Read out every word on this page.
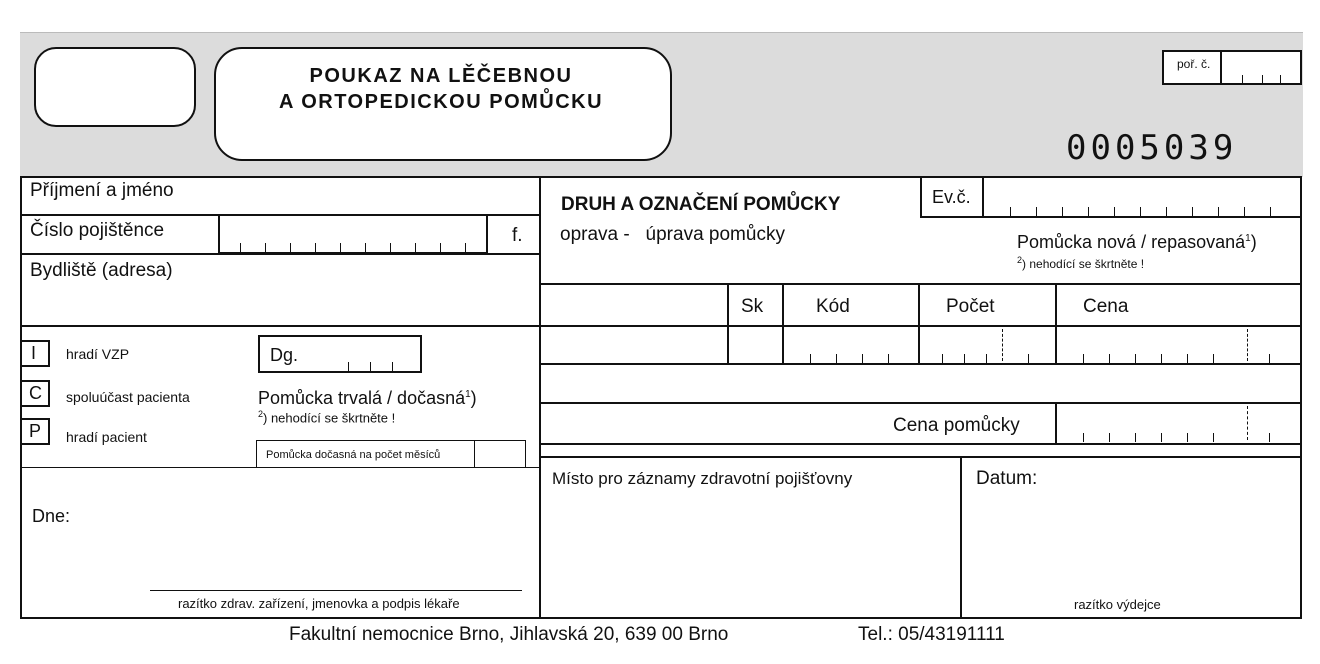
POUKAZ NA LĚČEBNOU
A ORTOPEDICKOU POMŮCKU
poř. č.
0005039
Příjmení a jméno
Číslo pojištěnce	f.
Bydliště (adresa)
I hradí VZP
C spoluúčast pacienta
P hradí pacient
Dg.
Pomůcka trvalá / dočasná$^1$)
$^2$) nehodící se škrtněte !
Pomůcka dočasná na počet měsíců
Dne:
razítko zdrav. zařízení, jmenovka a podpis lékaře
DRUH A OZNAČENÍ POMŮCKY	Ev.č.
oprava -   úprava pomůcky	Pomůcka nová / repasovaná$^1$)
$^2$) nehodící se škrtněte !
Sk	Kód	Počet	Cena
Cena pomůcky
Místo pro záznamy zdravotní pojišťovny	Datum:
razítko výdejce
Fakultní nemocnice Brno, Jihlavská 20, 639 00 Brno	Tel.: 05/43191111
